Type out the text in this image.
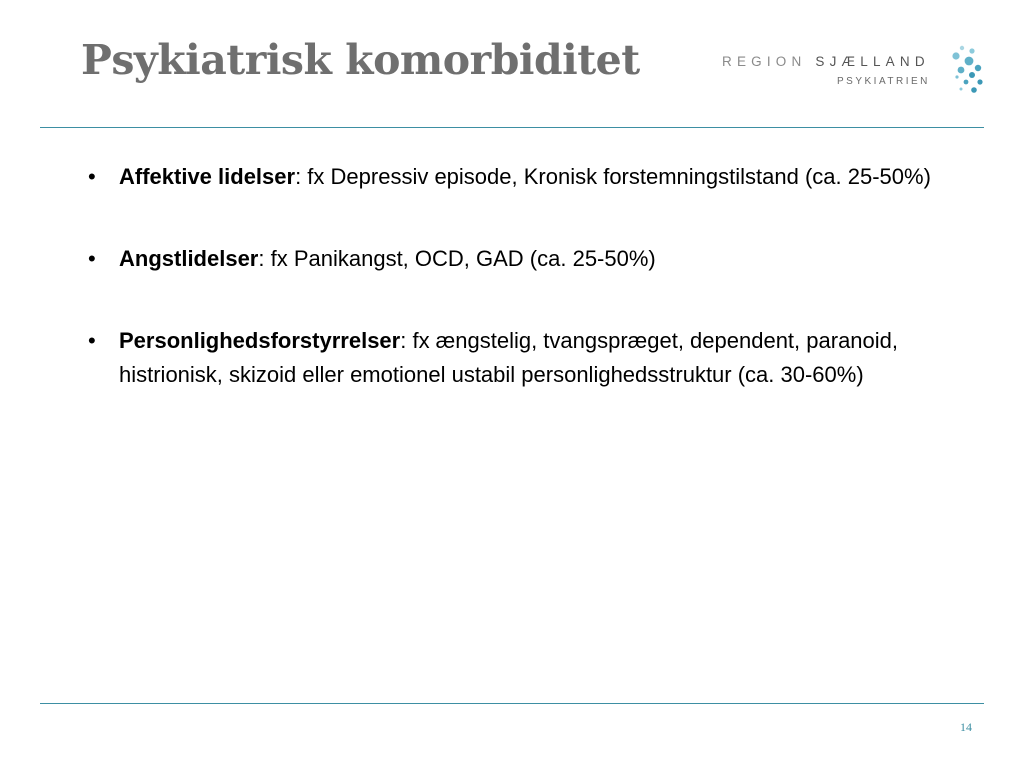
Psykiatrisk komorbiditet	REGION SJÆLLAND
PSYKIATRIEN
• Affektive lidelser: fx Depressiv episode, Kronisk forstemningstilstand (ca. 25-50%)
• Angstlidelser: fx Panikangst, OCD, GAD (ca. 25-50%)
• Personlighedsforstyrrelser: fx ængstelig, tvangspræget, dependent, paranoid, histrionisk, skizoid eller emotionel ustabil personlighedsstruktur (ca. 30-60%)
14
